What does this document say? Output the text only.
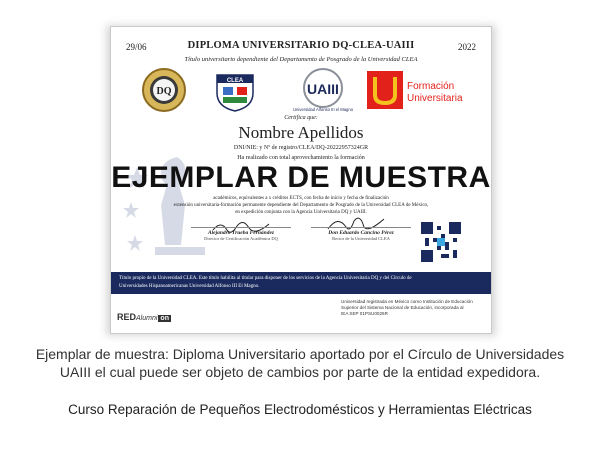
29/06	2022
DIPLOMA UNIVERSITARIO DQ-CLEA-UAIII
Título universitario dependiente del Departamento de Posgrado de la Universidad CLEA
DQ
CLEA	UAIII
Universidad Alfonso III el Magno
Formación
Universitaria
Certifica que:
Nombre Apellidos
DNI/NIE: y Nº de registro/CLEA/DQ-20222957324GR
Ha realizado con total aprovechamiento la formación
EJEMPLAR DE MUESTRA
académicos, equivalentes a x créditos ECTS, con fecha de inicio y fecha de finalización
extensión universitaria-formación permanente dependiente del Departamento de Posgrado de la Universidad CLEA de México,
en expedición conjunta con la Agencia Universitaria DQ y UAIII.
Alejandro Trueba Fernández
Director de Certificación Académica DQ
Don Eduardo Cancino Pérez
Rector de la Universidad CLEA
Título propio de la Universidad CLEA. Este título habilita al titular para disponer de los servicios de la Agencia Universitaria DQ y del Círculo de
Universidades Hispanoamericanas Universidad Alfonso III El Magno.
Universidad registrada en México como Institución de Educación
Superior del Sistema Nacional de Educación, incorporada al
IEA SEP 01PSU0026R
REDAlumni on
Ejemplar de muestra: Diploma Universitario aportado por el Círculo de Universidades
UAIII el cual puede ser objeto de cambios por parte de la entidad expedidora.
Curso Reparación de Pequeños Electrodomésticos y Herramientas Eléctricas
